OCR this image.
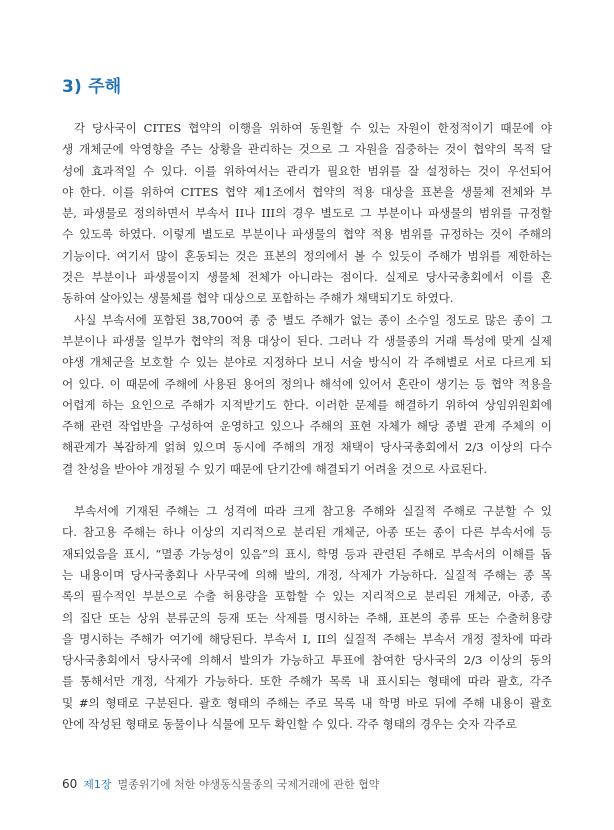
3) 주해
각 당사국이 CITES 협약의 이행을 위하여 동원할 수 있는 자원이 한정적이기 때문에 야
생 개체군에 악영향을 주는 상황을 관리하는 것으로 그 자원을 집중하는 것이 협약의 목적 달
성에 효과적일 수 있다. 이를 위하여서는 관리가 필요한 범위를 잘 설정하는 것이 우선되어
야 한다. 이를 위하여 CITES 협약 제1조에서 협약의 적용 대상을 표본을 생물체 전체와 부
분, 파생물로 정의하면서 부속서 II나 III의 경우 별도로 그 부분이나 파생물의 범위를 규정할
수 있도록 하였다. 이렇게 별도로 부분이나 파생물의 협약 적용 범위를 규정하는 것이 주해의
기능이다. 여기서 많이 혼동되는 것은 표본의 정의에서 볼 수 있듯이 주해가 범위를 제한하는
것은 부분이나 파생물이지 생물체 전체가 아니라는 점이다. 실제로 당사국총회에서 이를 혼
동하여 살아있는 생물체를 협약 대상으로 포함하는 주해가 채택되기도 하였다.
사실 부속서에 포함된 38,700여 종 중 별도 주해가 없는 종이 소수일 정도로 많은 종이 그
부분이나 파생물 일부가 협약의 적용 대상이 된다. 그러나 각 생물종의 거래 특성에 맞게 실제
야생 개체군을 보호할 수 있는 분야로 지정하다 보니 서술 방식이 각 주해별로 서로 다르게 되
어 있다. 이 때문에 주해에 사용된 용어의 정의나 해석에 있어서 혼란이 생기는 등 협약 적용을
어렵게 하는 요인으로 주해가 지적받기도 한다. 이러한 문제를 해결하기 위하여 상임위원회에
주해 관련 작업반을 구성하여 운영하고 있으나 주해의 표현 자체가 해당 종별 관계 주체의 이
해관계가 복잡하게 얽혀 있으며 동시에 주해의 개정 채택이 당사국총회에서 2/3 이상의 다수
결 찬성을 받아야 개정될 수 있기 때문에 단기간에 해결되기 어려울 것으로 사료된다.
부속서에 기재된 주해는 그 성격에 따라 크게 참고용 주해와 실질적 주해로 구분할 수 있
다. 참고용 주해는 하나 이상의 지리적으로 분리된 개체군, 아종 또는 종이 다른 부속서에 등
재되었음을 표시, “멸종 가능성이 있음”의 표시, 학명 등과 관련된 주해로 부속서의 이해를 돕
는 내용이며 당사국총회나 사무국에 의해 발의, 개정, 삭제가 가능하다. 실질적 주해는 종 목
록의 필수적인 부분으로 수출 허용량을 포함할 수 있는 지리적으로 분리된 개체군, 아종, 종
의 집단 또는 상위 분류군의 등재 또는 삭제를 명시하는 주해, 표본의 종류 또는 수출허용량
을 명시하는 주해가 여기에 해당된다. 부속서 I, II의 실질적 주해는 부속서 개정 절차에 따라
당사국총회에서 당사국에 의해서 발의가 가능하고 투표에 참여한 당사국의 2/3 이상의 동의
를 통해서만 개정, 삭제가 가능하다. 또한 주해가 목록 내 표시되는 형태에 따라 괄호, 각주
및 #의 형태로 구분된다. 괄호 형태의 주해는 주로 목록 내 학명 바로 뒤에 주해 내용이 괄호
안에 작성된 형태로 동물이나 식물에 모두 확인할 수 있다. 각주 형태의 경우는 숫자 각주로
60 제1장 멸종위기에 처한 야생동식물종의 국제거래에 관한 협약
